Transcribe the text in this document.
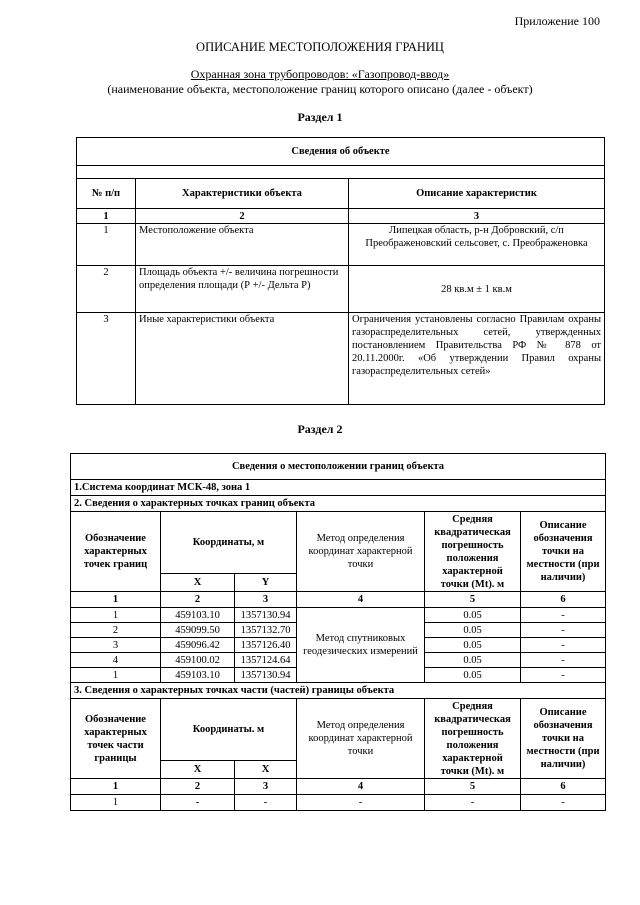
Приложение 100
ОПИСАНИЕ МЕСТОПОЛОЖЕНИЯ ГРАНИЦ
Охранная зона трубопроводов: «Газопровод-ввод»
(наименование объекта, местоположение границ которого описано (далее - объект)
Раздел 1
Сведения об объекте		

№ п/п	Характеристики объекта	Описание характеристик
1	2	3
1	Местоположение объекта	Липецкая область, р-н Добровский, с/п Преображеновский сельсовет, с. Преображеновка
2	Площадь объекта +/- величина погрешности определения площади (Р +/- Дельта Р)	28 кв.м ± 1 кв.м
3	Иные характеристики объекта	Ограничения установлены согласно Правилам охраны газораспределительных сетей, утвержденных постановлением Правительства РФ № 878 от 20.11.2000г. «Об утверждении Правил охраны газораспределительных сетей»
Раздел 2
Сведения о местоположении границ объекта					
1.Система координат МСК-48, зона 1					
2. Сведения о характерных точках границ объекта					
Обозначение характерных точек границ	Координаты, м		Метод определения координат характерной точки	Средняя квадратическая погрешность положения характерной точки (Mt). м	Описание обозначения точки на местности (при наличии)
	X	Y			
1	2	3	4	5	6
1	459103.10	1357130.94	Метод спутниковых геодезических измерений	0.05	-
2	459099.50	1357132.70		0.05	-
3	459096.42	1357126.40		0.05	-
4	459100.02	1357124.64		0.05	-
1	459103.10	1357130.94		0.05	-
3. Сведения о характерных точках части (частей) границы объекта					
Обозначение характерных точек части границы	Координаты. м		Метод определения координат характерной точки	Средняя квадратическая погрешность положения характерной точки (Mt). м	Описание обозначения точки на местности (при наличии)
	X	X			
1	2	3	4	5	6
1	-	-	-	-	-
